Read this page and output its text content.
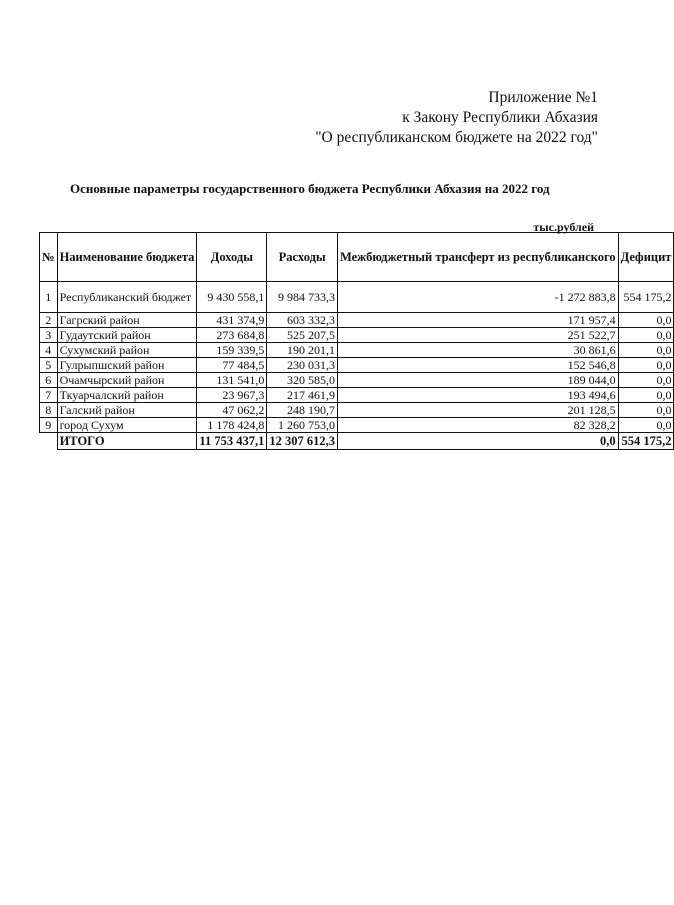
Приложение №1
к Закону Республики Абхазия
"О республиканском бюджете на 2022 год"
Основные параметры государственного бюджета Республики Абхазия на 2022 год
тыс.рублей
№	Наименование бюджета	Доходы	Расходы	Межбюджетный трансферт из республиканского	Дефицит
1	Республиканский бюджет	9 430 558,1	9 984 733,3	-1 272 883,8	554 175,2
2	Гагрский район	431 374,9	603 332,3	171 957,4	0,0
3	Гудаутский район	273 684,8	525 207,5	251 522,7	0,0
4	Сухумский район	159 339,5	190 201,1	30 861,6	0,0
5	Гулрыпшский район	77 484,5	230 031,3	152 546,8	0,0
6	Очамчырский район	131 541,0	320 585,0	189 044,0	0,0
7	Ткуарчалский район	23 967,3	217 461,9	193 494,6	0,0
8	Галский район	47 062,2	248 190,7	201 128,5	0,0
9	город Сухум	1 178 424,8	1 260 753,0	82 328,2	0,0
	ИТОГО	11 753 437,1	12 307 612,3	0,0	554 175,2
